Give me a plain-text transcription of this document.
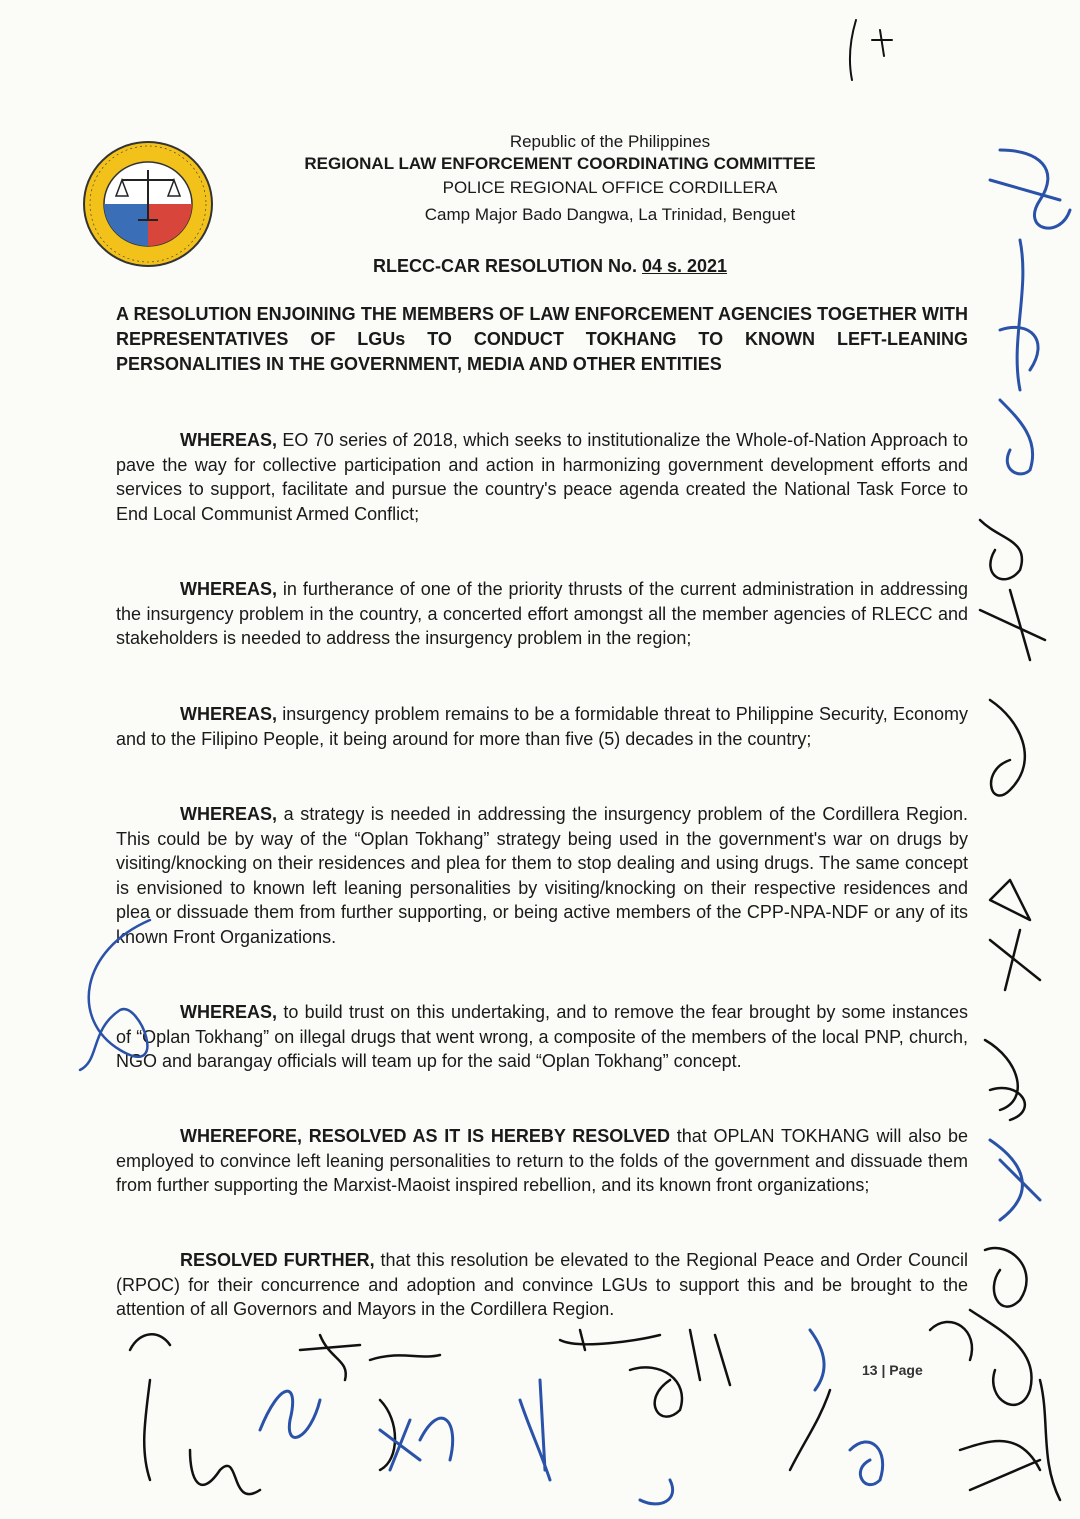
Republic of the Philippines
REGIONAL LAW ENFORCEMENT COORDINATING COMMITTEE
POLICE REGIONAL OFFICE CORDILLERA
Camp Major Bado Dangwa, La Trinidad, Benguet
RLECC-CAR RESOLUTION No. 04 s. 2021
A RESOLUTION ENJOINING THE MEMBERS OF LAW ENFORCEMENT AGENCIES TOGETHER WITH REPRESENTATIVES OF LGUs TO CONDUCT TOKHANG TO KNOWN LEFT-LEANING PERSONALITIES IN THE GOVERNMENT, MEDIA AND OTHER ENTITIES
WHEREAS, EO 70 series of 2018, which seeks to institutionalize the Whole-of-Nation Approach to pave the way for collective participation and action in harmonizing government development efforts and services to support, facilitate and pursue the country's peace agenda created the National Task Force to End Local Communist Armed Conflict;
WHEREAS, in furtherance of one of the priority thrusts of the current administration in addressing the insurgency problem in the country, a concerted effort amongst all the member agencies of RLECC and stakeholders is needed to address the insurgency problem in the region;
WHEREAS, insurgency problem remains to be a formidable threat to Philippine Security, Economy and to the Filipino People, it being around for more than five (5) decades in the country;
WHEREAS, a strategy is needed in addressing the insurgency problem of the Cordillera Region. This could be by way of the “Oplan Tokhang” strategy being used in the government's war on drugs by visiting/knocking on their residences and plea for them to stop dealing and using drugs. The same concept is envisioned to known left leaning personalities by visiting/knocking on their respective residences and plea or dissuade them from further supporting, or being active members of the CPP-NPA-NDF or any of its known Front Organizations.
WHEREAS, to build trust on this undertaking, and to remove the fear brought by some instances of “Oplan Tokhang” on illegal drugs that went wrong, a composite of the members of the local PNP, church, NGO and barangay officials will team up for the said “Oplan Tokhang” concept.
WHEREFORE, RESOLVED AS IT IS HEREBY RESOLVED that OPLAN TOKHANG will also be employed to convince left leaning personalities to return to the folds of the government and dissuade them from further supporting the Marxist-Maoist inspired rebellion, and its known front organizations;
RESOLVED FURTHER, that this resolution be elevated to the Regional Peace and Order Council (RPOC) for their concurrence and adoption and convince LGUs to support this and be brought to the attention of all Governors and Mayors in the Cordillera Region.
13 | Page
